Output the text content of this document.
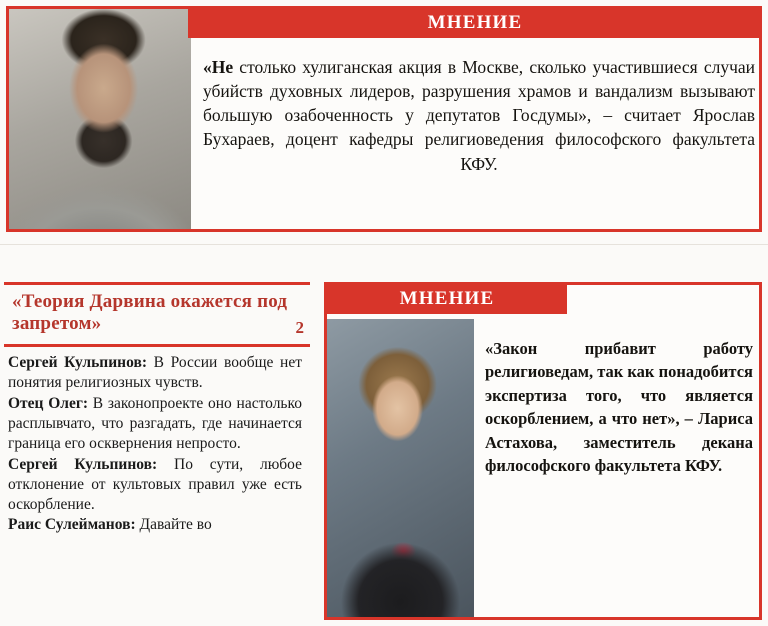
МНЕНИЕ
«Не столько хулиганская акция в Москве, сколько участившиеся случаи убийств духовных лидеров, разрушения храмов и вандализм вызывают большую озабоченность у депутатов Госдумы», – считает Ярослав Бухараев, доцент кафедры религиоведения философского факультета КФУ.
«Теория Дарвина окажется под запретом»	2

Сергей Кульпинов: В России вообще нет понятия религиозных чувств.

Отец Олег: В законопроекте оно настолько расплывчато, что разгадать, где начинается граница его осквернения непросто.

Сергей Кульпинов: По сути, любое отклонение от культовых правил уже есть оскорбление.

Раис Сулейманов: Давайте во

МНЕНИЕ
«Закон прибавит работу религиоведам, так как понадобится экспертиза того, что является оскорблением, а что нет», – Лариса Астахова, заместитель декана философского факультета КФУ.
